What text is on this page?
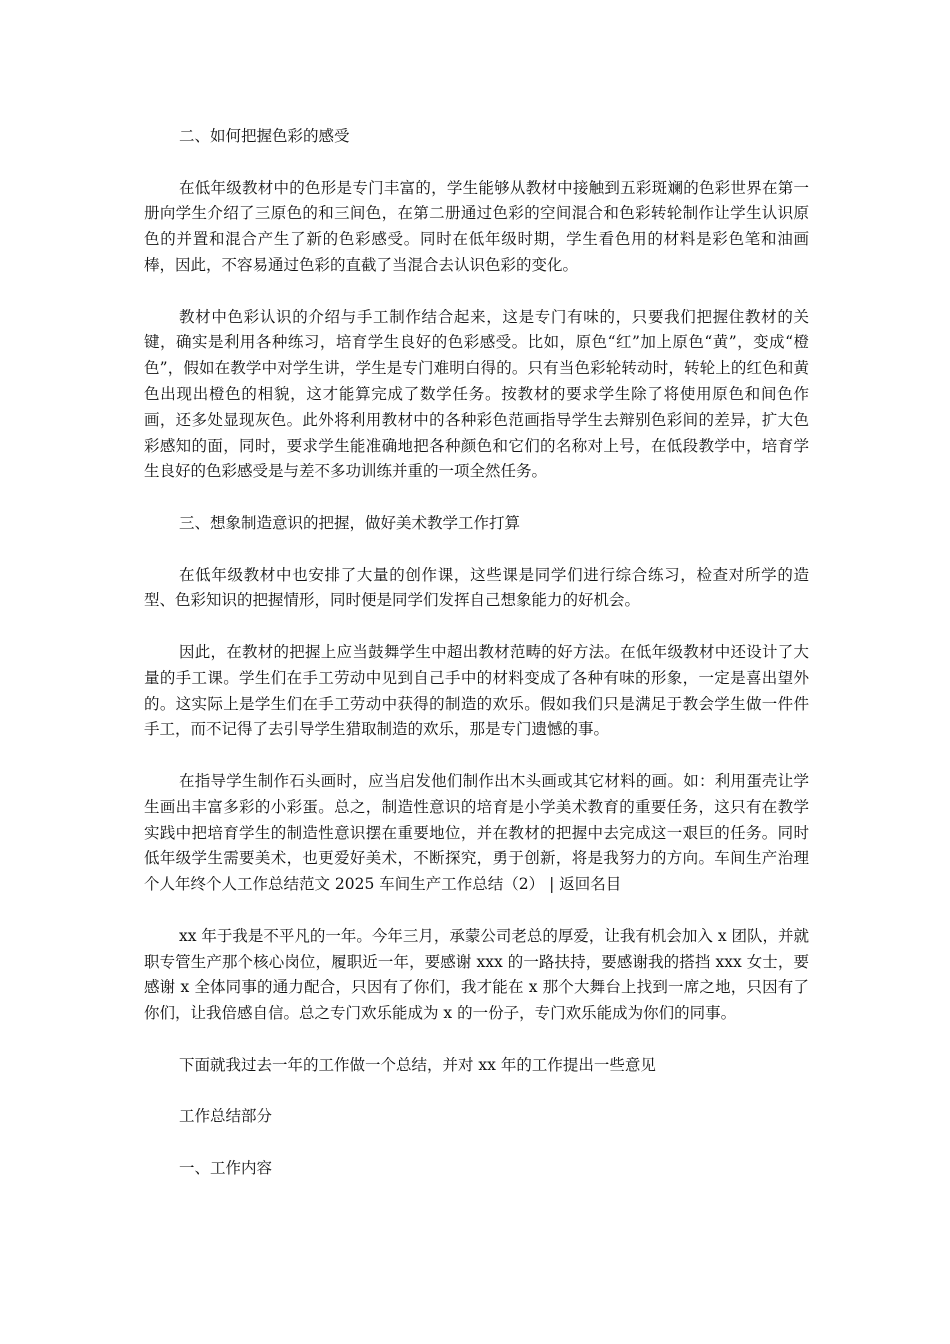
二、如何把握色彩的感受

在低年级教材中的色形是专门丰富的，学生能够从教材中接触到五彩斑斓的色彩世界在第一册向学生介绍了三原色的和三间色，在第二册通过色彩的空间混合和色彩转轮制作让学生认识原色的并置和混合产生了新的色彩感受。同时在低年级时期，学生看色用的材料是彩色笔和油画棒，因此，不容易通过色彩的直截了当混合去认识色彩的变化。

教材中色彩认识的介绍与手工制作结合起来，这是专门有味的，只要我们把握住教材的关键，确实是利用各种练习，培育学生良好的色彩感受。比如，原色“红”加上原色“黄”，变成“橙色”，假如在教学中对学生讲，学生是专门难明白得的。只有当色彩轮转动时，转轮上的红色和黄色出现出橙色的相貌，这才能算完成了数学任务。按教材的要求学生除了将使用原色和间色作画，还多处显现灰色。此外将利用教材中的各种彩色范画指导学生去辩别色彩间的差异，扩大色彩感知的面，同时，要求学生能准确地把各种颜色和它们的名称对上号，在低段教学中，培育学生良好的色彩感受是与差不多功训练并重的一项全然任务。

三、想象制造意识的把握，做好美术教学工作打算

在低年级教材中也安排了大量的创作课，这些课是同学们进行综合练习，检查对所学的造型、色彩知识的把握情形，同时便是同学们发挥自己想象能力的好机会。

因此，在教材的把握上应当鼓舞学生中超出教材范畴的好方法。在低年级教材中还设计了大量的手工课。学生们在手工劳动中见到自己手中的材料变成了各种有味的形象，一定是喜出望外的。这实际上是学生们在手工劳动中获得的制造的欢乐。假如我们只是满足于教会学生做一件件手工，而不记得了去引导学生猎取制造的欢乐，那是专门遗憾的事。

在指导学生制作石头画时，应当启发他们制作出木头画或其它材料的画。如：利用蛋壳让学生画出丰富多彩的小彩蛋。总之，制造性意识的培育是小学美术教育的重要任务，这只有在教学实践中把培育学生的制造性意识摆在重要地位，并在教材的把握中去完成这一艰巨的任务。同时低年级学生需要美术，也更爱好美术，不断探究，勇于创新，将是我努力的方向。车间生产治理个人年终个人工作总结范文 2025 车间生产工作总结（2） | 返回名目

xx 年于我是不平凡的一年。今年三月，承蒙公司老总的厚爱，让我有机会加入 x 团队，并就职专管生产那个核心岗位，履职近一年，要感谢 xxx 的一路扶持，要感谢我的搭挡 xxx 女士，要感谢 x 全体同事的通力配合，只因有了你们，我才能在 x 那个大舞台上找到一席之地，只因有了你们，让我倍感自信。总之专门欢乐能成为 x 的一份子，专门欢乐能成为你们的同事。

下面就我过去一年的工作做一个总结，并对 xx 年的工作提出一些意见

工作总结部分

一、工作内容
